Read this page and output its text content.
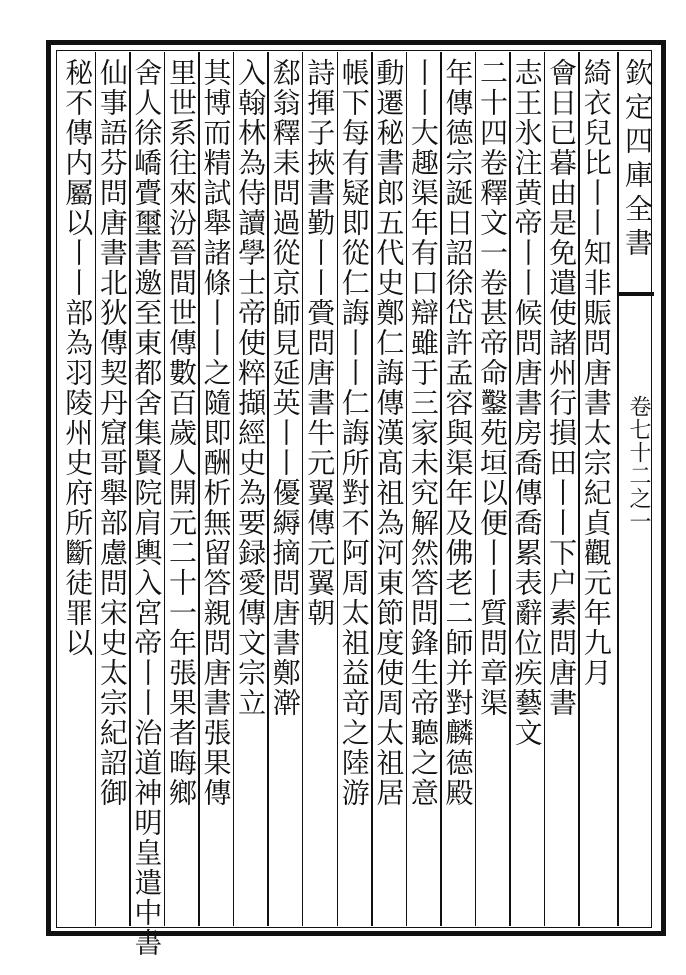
欽定四庫全書
卷七十二之一
綺衣兒比丨丨知非賑問唐書太宗紀貞觀元年九月
會日已暮由是免遣使諸州行損田丨丨下户素問唐書
志王氷注黄帝丨丨候問唐書房喬傳喬累表辭位疾藝文
二十四卷釋文一卷甚帝命鑿苑垣以便丨丨質問章渠
年傳德宗誕日詔徐岱許孟容與渠年及佛老二師并對麟德殿
丨丨大趣渠年有口辯雖于三家未究解然答問鋒生帝聽之意
動遷秘書郎五代史鄭仁誨傳漢髙祖為河東節度使周太祖居
帳下每有疑即從仁誨丨丨仁誨所對不阿周太祖益竒之陸游
詩揮子挾書勤丨丨賫問唐書牛元翼傳元翼朝
郄翁釋耒問過從京師見延英丨丨優縟摘問唐書鄭澣
入翰林為侍讀學士帝使粹擷經史為要録愛傳文宗立
其博而精試舉諸條丨丨之隨即酬析無留答親問唐書張果傳
里世系往來汾晉間世傳數百歲人開元二十一年張果者晦鄉
舍人徐嶠賷璽書邀至東都舍集賢院肩輿入宮帝丨丨治道神明皇遣中書
仙事語芬問唐書北狄傳契丹窟哥舉部慮問宋史太宗紀詔御
秘不傳内屬以丨丨部為羽陵州史府所斷徒罪以
